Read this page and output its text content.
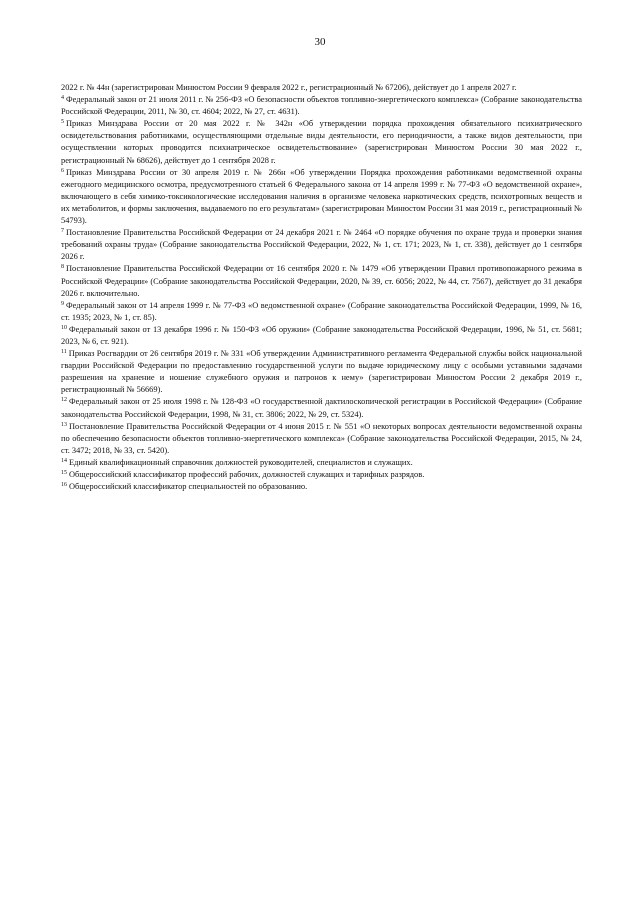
30

2022 г. № 44н (зарегистрирован Минюстом России 9 февраля 2022 г., регистрационный № 67206), действует до 1 апреля 2027 г.

$^4$ Федеральный закон от 21 июля 2011 г. № 256-ФЗ «О безопасности объектов топливно-энергетического комплекса» (Собрание законодательства Российской Федерации, 2011, № 30, ст. 4604; 2022, № 27, ст. 4631).

$^5$ Приказ Минздрава России от 20 мая 2022 г. № 342н «Об утверждении порядка прохождения обязательного психиатрического освидетельствования работниками, осуществляющими отдельные виды деятельности, его периодичности, а также видов деятельности, при осуществлении которых проводится психиатрическое освидетельствование» (зарегистрирован Минюстом России 30 мая 2022 г., регистрационный № 68626), действует до 1 сентября 2028 г.

$^6$ Приказ Минздрава России от 30 апреля 2019 г. № 266н «Об утверждении Порядка прохождения работниками ведомственной охраны ежегодного медицинского осмотра, предусмотренного статьей 6 Федерального закона от 14 апреля 1999 г. № 77-ФЗ «О ведомственной охране», включающего в себя химико-токсикологические исследования наличия в организме человека наркотических средств, психотропных веществ и их метаболитов, и формы заключения, выдаваемого по его результатам» (зарегистрирован Минюстом России 31 мая 2019 г., регистрационный № 54793).

$^7$ Постановление Правительства Российской Федерации от 24 декабря 2021 г. № 2464 «О порядке обучения по охране труда и проверки знания требований охраны труда» (Собрание законодательства Российской Федерации, 2022, № 1, ст. 171; 2023, № 1, ст. 338), действует до 1 сентября 2026 г.

$^8$ Постановление Правительства Российской Федерации от 16 сентября 2020 г. № 1479 «Об утверждении Правил противопожарного режима в Российской Федерации» (Собрание законодательства Российской Федерации, 2020, № 39, ст. 6056; 2022, № 44, ст. 7567), действует до 31 декабря 2026 г. включительно.

$^9$ Федеральный закон от 14 апреля 1999 г. № 77-ФЗ «О ведомственной охране» (Собрание законодательства Российской Федерации, 1999, № 16, ст. 1935; 2023, № 1, ст. 85).

$^{10}$ Федеральный закон от 13 декабря 1996 г. № 150-ФЗ «Об оружии» (Собрание законодательства Российской Федерации, 1996, № 51, ст. 5681; 2023, № 6, ст. 921).

$^{11}$ Приказ Росгвардии от 26 сентября 2019 г. № 331 «Об утверждении Административного регламента Федеральной службы войск национальной гвардии Российской Федерации по предоставлению государственной услуги по выдаче юридическому лицу с особыми уставными задачами разрешения на хранение и ношение служебного оружия и патронов к нему» (зарегистрирован Минюстом России 2 декабря 2019 г., регистрационный № 56669).

$^{12}$ Федеральный закон от 25 июля 1998 г. № 128-ФЗ «О государственной дактилоскопической регистрации в Российской Федерации» (Собрание законодательства Российской Федерации, 1998, № 31, ст. 3806; 2022, № 29, ст. 5324).

$^{13}$ Постановление Правительства Российской Федерации от 4 июня 2015 г. № 551 «О некоторых вопросах деятельности ведомственной охраны по обеспечению безопасности объектов топливно-энергетического комплекса» (Собрание законодательства Российской Федерации, 2015, № 24, ст. 3472; 2018, № 33, ст. 5420).

$^{14}$ Единый квалификационный справочник должностей руководителей, специалистов и служащих.

$^{15}$ Общероссийский классификатор профессий рабочих, должностей служащих и тарифных разрядов.

$^{16}$ Общероссийский классификатор специальностей по образованию.
